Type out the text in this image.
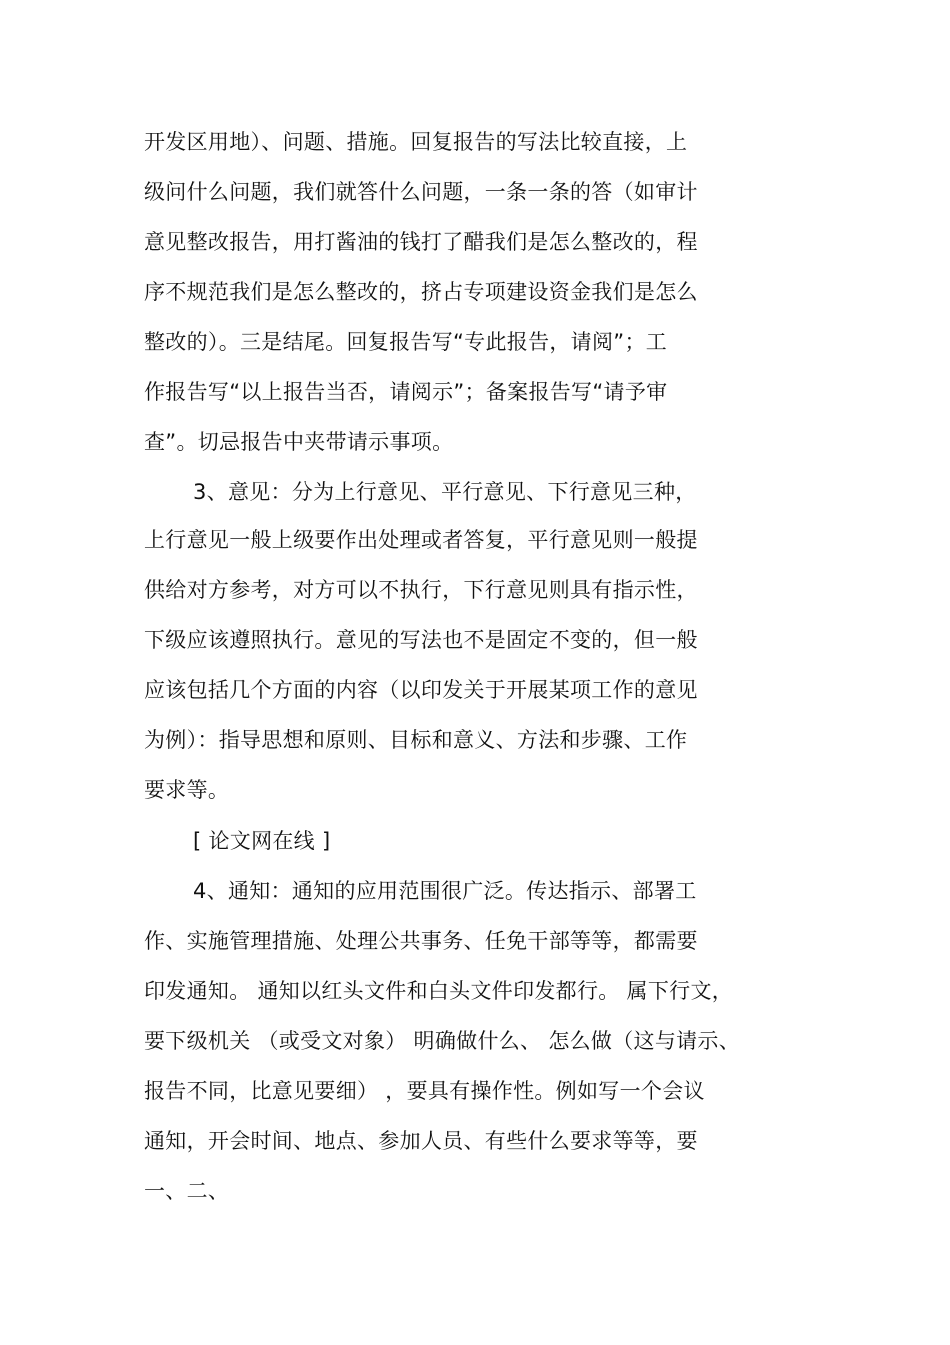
开发区用地）、问题、措施。回复报告的写法比较直接，上
级问什么问题，我们就答什么问题，一条一条的答（如审计
意见整改报告，用打酱油的钱打了醋我们是怎么整改的，程
序不规范我们是怎么整改的，挤占专项建设资金我们是怎么
整改的）。三是结尾。回复报告写“专此报告，请阅”；工
作报告写“以上报告当否，请阅示”；备案报告写“请予审
查”。切忌报告中夹带请示事项。
3、意见：分为上行意见、平行意见、下行意见三种，
上行意见一般上级要作出处理或者答复，平行意见则一般提
供给对方参考，对方可以不执行，下行意见则具有指示性，
下级应该遵照执行。意见的写法也不是固定不变的，但一般
应该包括几个方面的内容（以印发关于开展某项工作的意见
为例）：指导思想和原则、目标和意义、方法和步骤、工作
要求等。
[ 论文网在线 ]
4、通知：通知的应用范围很广泛。传达指示、部署工
作、实施管理措施、处理公共事务、任免干部等等，都需要
印发通知。 通知以红头文件和白头文件印发都行。 属下行文，
要下级机关 （或受文对象） 明确做什么、 怎么做（这与请示、
报告不同，比意见要细） ，要具有操作性。例如写一个会议
通知，开会时间、地点、参加人员、有些什么要求等等，要
一、二、
